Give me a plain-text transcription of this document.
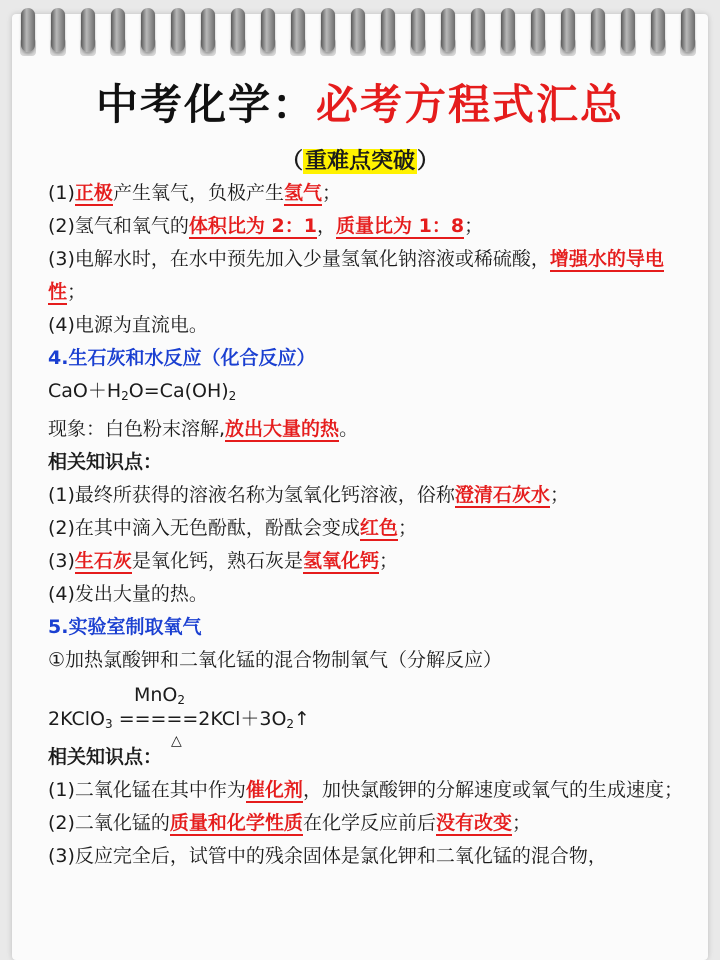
中考化学：必考方程式汇总
（重难点突破）
(1)正极产生氧气，负极产生氢气；
(2)氢气和氧气的体积比为 2：1，质量比为 1：8；
(3)电解水时，在水中预先加入少量氢氧化钠溶液或稀硫酸，增强水的导电性；
(4)电源为直流电。
4.生石灰和水反应（化合反应）
$CaO+H_2O=Ca(OH)_2$
现象：白色粉末溶解,放出大量的热。
相关知识点：
(1)最终所获得的溶液名称为氢氧化钙溶液，俗称澄清石灰水；
(2)在其中滴入无色酚酞，酚酞会变成红色；
(3)生石灰是氧化钙，熟石灰是氢氧化钙；
(4)发出大量的热。
5.实验室制取氧气
①加热氯酸钾和二氧化锰的混合物制氧气（分解反应）
MnO$_2$
2KClO$_3$ $=====2KCl+3O_2↑$
△
相关知识点：
(1)二氧化锰在其中作为催化剂，加快氯酸钾的分解速度或氧气的生成速度；
(2)二氧化锰的质量和化学性质在化学反应前后没有改变；
(3)反应完全后，试管中的残余固体是氯化钾和二氧化锰的混合物，
